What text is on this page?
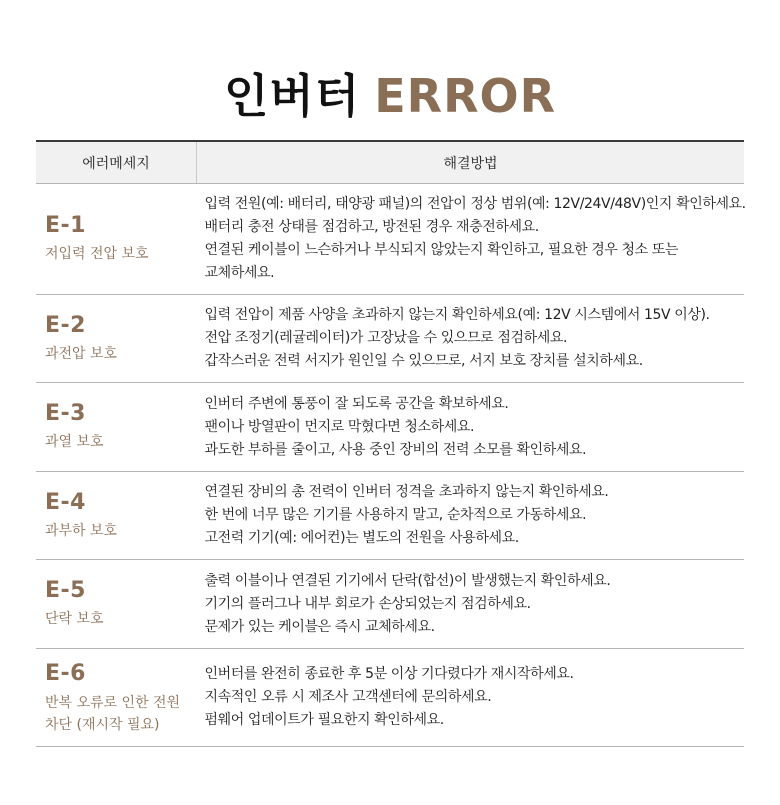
인버터 ERROR
에러메세지	해결방법

E-1
저입력 전압 보호	입력 전원(예: 배터리, 태양광 패널)의 전압이 정상 범위(예: 12V/24V/48V)인지 확인하세요.
배터리 충전 상태를 점검하고, 방전된 경우 재충전하세요.
연결된 케이블이 느슨하거나 부식되지 않았는지 확인하고, 필요한 경우 청소 또는
교체하세요.

E-2
과전압 보호	입력 전압이 제품 사양을 초과하지 않는지 확인하세요(예: 12V 시스템에서 15V 이상).
전압 조정기(레귤레이터)가 고장났을 수 있으므로 점검하세요.
갑작스러운 전력 서지가 원인일 수 있으므로, 서지 보호 장치를 설치하세요.

E-3
과열 보호	인버터 주변에 통풍이 잘 되도록 공간을 확보하세요.
팬이나 방열판이 먼지로 막혔다면 청소하세요.
과도한 부하를 줄이고, 사용 중인 장비의 전력 소모를 확인하세요.

E-4
과부하 보호	연결된 장비의 총 전력이 인버터 정격을 초과하지 않는지 확인하세요.
한 번에 너무 많은 기기를 사용하지 말고, 순차적으로 가동하세요.
고전력 기기(예: 에어컨)는 별도의 전원을 사용하세요.

E-5
단락 보호	출력 이블이나 연결된 기기에서 단락(합선)이 발생했는지 확인하세요.
기기의 플러그나 내부 회로가 손상되었는지 점검하세요.
문제가 있는 케이블은 즉시 교체하세요.

E-6
반복 오류로 인한 전원
차단 (재시작 필요)	인버터를 완전히 종료한 후 5분 이상 기다렸다가 재시작하세요.
지속적인 오류 시 제조사 고객센터에 문의하세요.
펌웨어 업데이트가 필요한지 확인하세요.
